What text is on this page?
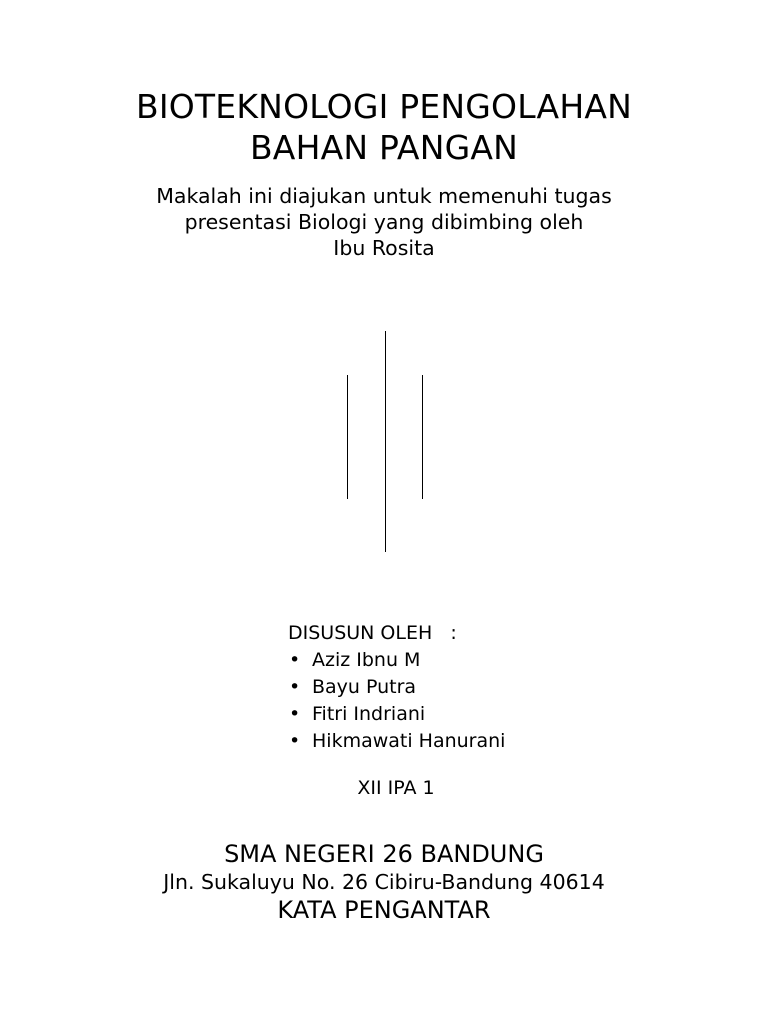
BIOTEKNOLOGI PENGOLAHAN
BAHAN PANGAN
Makalah ini diajukan untuk memenuhi tugas
presentasi Biologi yang dibimbing oleh
Ibu Rosita
DISUSUN OLEH   :
• Aziz Ibnu M
• Bayu Putra
• Fitri Indriani
• Hikmawati Hanurani
XII IPA 1
SMA NEGERI 26 BANDUNG
Jln. Sukaluyu No. 26 Cibiru-Bandung 40614
KATA PENGANTAR
